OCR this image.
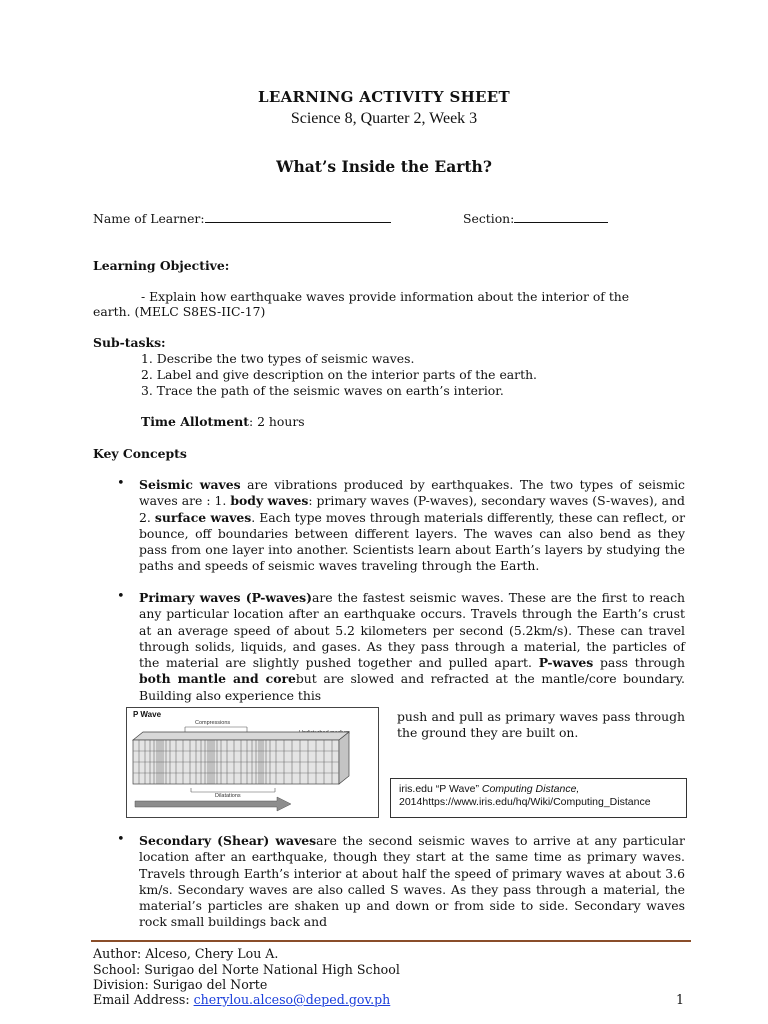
LEARNING ACTIVITY SHEET
Science 8, Quarter 2, Week 3
What’s Inside the Earth?
Name of Learner:	Section:
Learning Objective:
- Explain how earthquake waves provide information about the interior of the
earth. (MELC S8ES-IIC-17)
Sub-tasks:
1. Describe the two types of seismic waves.
2. Label and give description on the interior parts of the earth.
3. Trace the path of the seismic waves on earth’s interior.
Time Allotment: 2 hours
Key Concepts
• Seismic waves are vibrations produced by earthquakes. The two types of seismic waves are : 1. body waves: primary waves (P-waves), secondary waves (S-waves), and 2. surface waves. Each type moves through materials differently, these can reflect, or bounce, off boundaries between different layers. The waves can also bend as they pass from one layer into another. Scientists learn about Earth’s layers by studying the paths and speeds of seismic waves traveling through the Earth.

• Primary waves (P-waves)are the fastest seismic waves. These are the first to reach any particular location after an earthquake occurs. Travels through the Earth’s crust at an average speed of about 5.2 kilometers per second (5.2km/s). These can travel through solids, liquids, and gases. As they pass through a material, the particles of the material are slightly pushed together and pulled apart. P-waves pass through both mantle and corebut are slowed and refracted at the mantle/core boundary. Building also experience this

push and pull as primary waves pass through the ground they are built on.

P Wave
Compressions
Dilatations
iris.edu “P Wave” Computing Distance,
2014https://www.iris.edu/hq/Wiki/Computing_Distance
• Secondary (Shear) wavesare the second seismic waves to arrive at any particular location after an earthquake, though they start at the same time as primary waves. Travels through Earth’s interior at about half the speed of primary waves at about 3.6 km/s. Secondary waves are also called S waves. As they pass through a material, the material’s particles are shaken up and down or from side to side. Secondary waves rock small buildings back and

Author: Alceso, Chery Lou A.
School: Surigao del Norte National High School
Division: Surigao del Norte
Email Address: cherylou.alceso@deped.gov.ph	1
